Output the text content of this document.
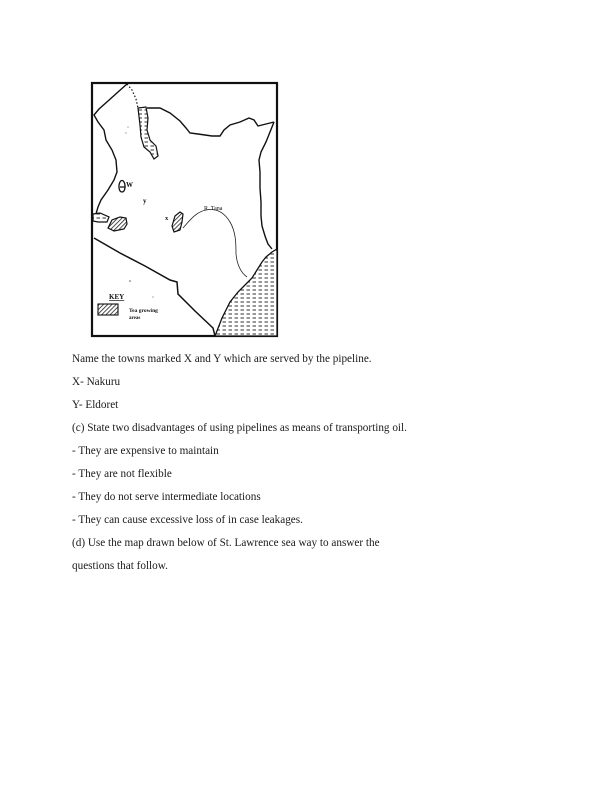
W
y
x
R. Tana
KEY
Tea growing
areas
Name the towns marked X and Y which are served by the pipeline.
X- Nakuru
Y- Eldoret
(c) State two disadvantages of using pipelines as means of transporting oil.
- They are expensive to maintain
- They are not flexible
- They do not serve intermediate locations
- They can cause excessive loss of in case leakages.
(d) Use the map drawn below of St. Lawrence sea way to answer the
questions that follow.
